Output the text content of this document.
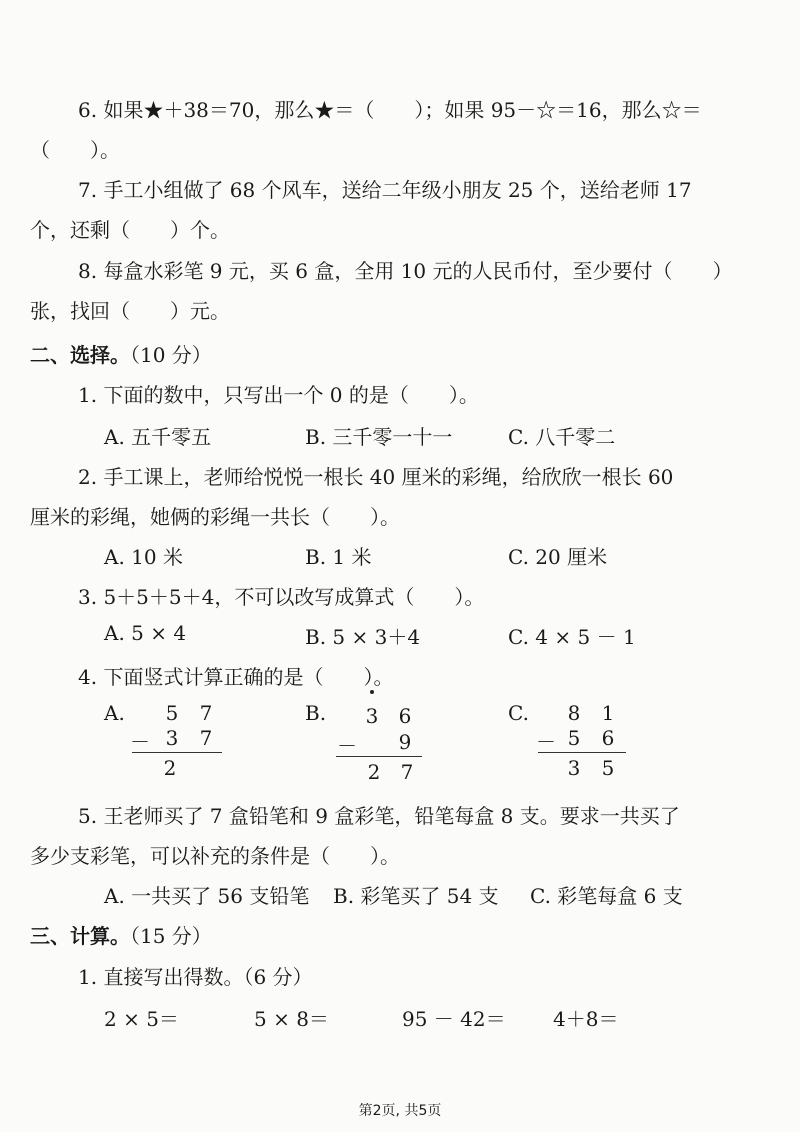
6. 如果★＋38＝70，那么★＝（　　）；如果 95－☆＝16，那么☆＝
（　　）。
7. 手工小组做了 68 个风车，送给二年级小朋友 25 个，送给老师 17
个，还剩（　　）个。
8. 每盒水彩笔 9 元，买 6 盒，全用 10 元的人民币付，至少要付（　　）
张，找回（　　）元。
二、选择。（10 分）
1. 下面的数中，只写出一个 0 的是（　　）。
A. 五千零五	B. 三千零一十一	C. 八千零二
2. 手工课上，老师给悦悦一根长 40 厘米的彩绳，给欣欣一根长 60
厘米的彩绳，她俩的彩绳一共长（　　）。
A. 10 米	B. 1 米	C. 20 厘米
3. 5＋5＋5＋4，不可以改写成算式（　　）。
A. 5 × 4	B. 5 × 3＋4	C. 4 × 5 － 1
4. 下面竖式计算正确的是（　　）。
A. 5 7
－ 3 7
2
B. 3 6
－ 9
2 7
C. 8 1
－ 5 6
3 5
5. 王老师买了 7 盒铅笔和 9 盒彩笔，铅笔每盒 8 支。要求一共买了
多少支彩笔，可以补充的条件是（　　）。
A. 一共买了 56 支铅笔 B. 彩笔买了 54 支 C. 彩笔每盒 6 支
三、计算。（15 分）
1. 直接写出得数。（6 分）
2 × 5＝	5 × 8＝	95 － 42＝ 4＋8＝
第2页, 共5页
